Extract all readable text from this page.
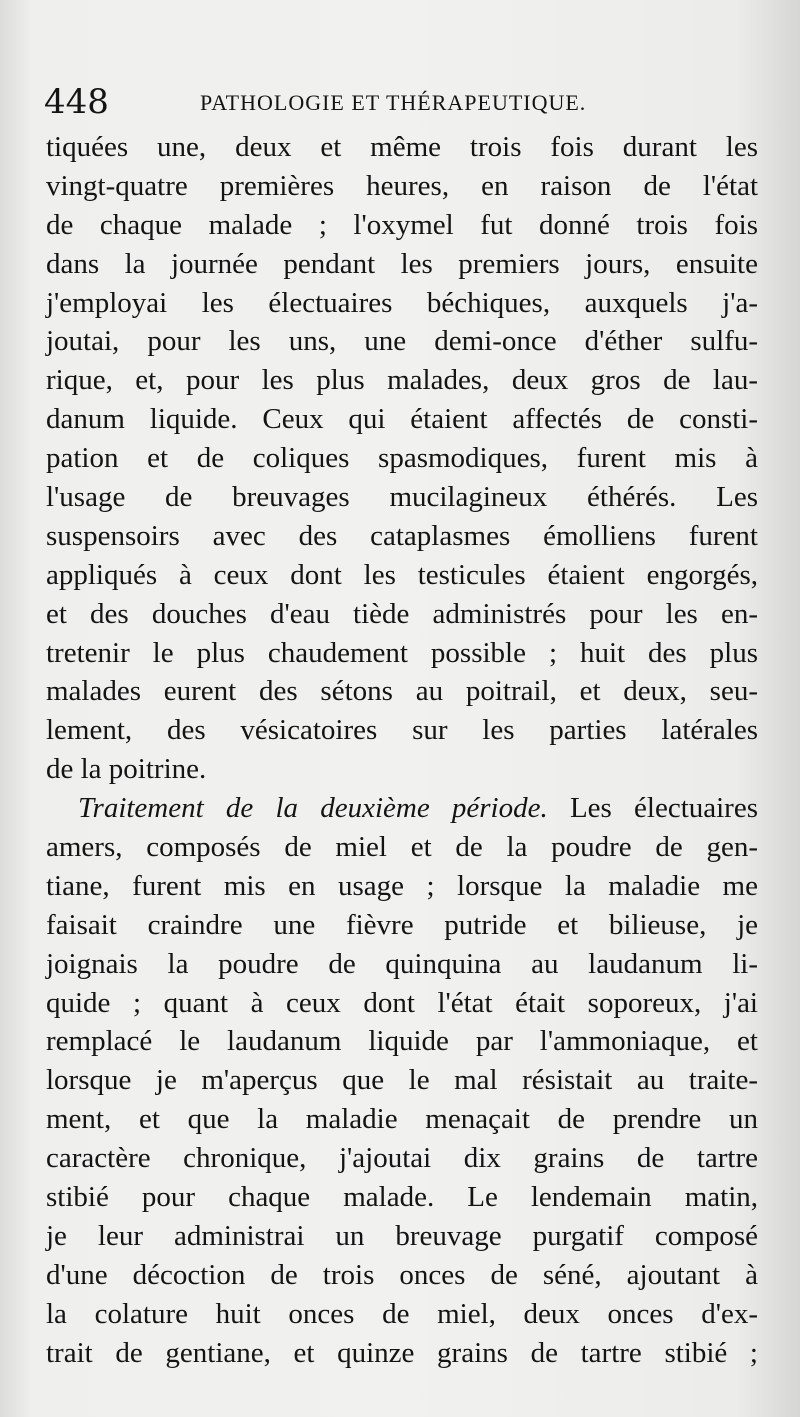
448	PATHOLOGIE ET THÉRAPEUTIQUE.
tiquées une, deux et même trois fois durant les
vingt-quatre premières heures, en raison de l'état
de chaque malade ; l'oxymel fut donné trois fois
dans la journée pendant les premiers jours, ensuite
j'employai les électuaires béchiques, auxquels j'a-
joutai, pour les uns, une demi-once d'éther sulfu-
rique, et, pour les plus malades, deux gros de lau-
danum liquide. Ceux qui étaient affectés de consti-
pation et de coliques spasmodiques, furent mis à
l'usage de breuvages mucilagineux éthérés. Les
suspensoirs avec des cataplasmes émolliens furent
appliqués à ceux dont les testicules étaient engorgés,
et des douches d'eau tiède administrés pour les en-
tretenir le plus chaudement possible ; huit des plus
malades eurent des sétons au poitrail, et deux, seu-
lement, des vésicatoires sur les parties latérales
de la poitrine.
Traitement de la deuxième période. Les électuaires
amers, composés de miel et de la poudre de gen-
tiane, furent mis en usage ; lorsque la maladie me
faisait craindre une fièvre putride et bilieuse, je
joignais la poudre de quinquina au laudanum li-
quide ; quant à ceux dont l'état était soporeux, j'ai
remplacé le laudanum liquide par l'ammoniaque, et
lorsque je m'aperçus que le mal résistait au traite-
ment, et que la maladie menaçait de prendre un
caractère chronique, j'ajoutai dix grains de tartre
stibié pour chaque malade. Le lendemain matin,
je leur administrai un breuvage purgatif composé
d'une décoction de trois onces de séné, ajoutant à
la colature huit onces de miel, deux onces d'ex-
trait de gentiane, et quinze grains de tartre stibié ;
